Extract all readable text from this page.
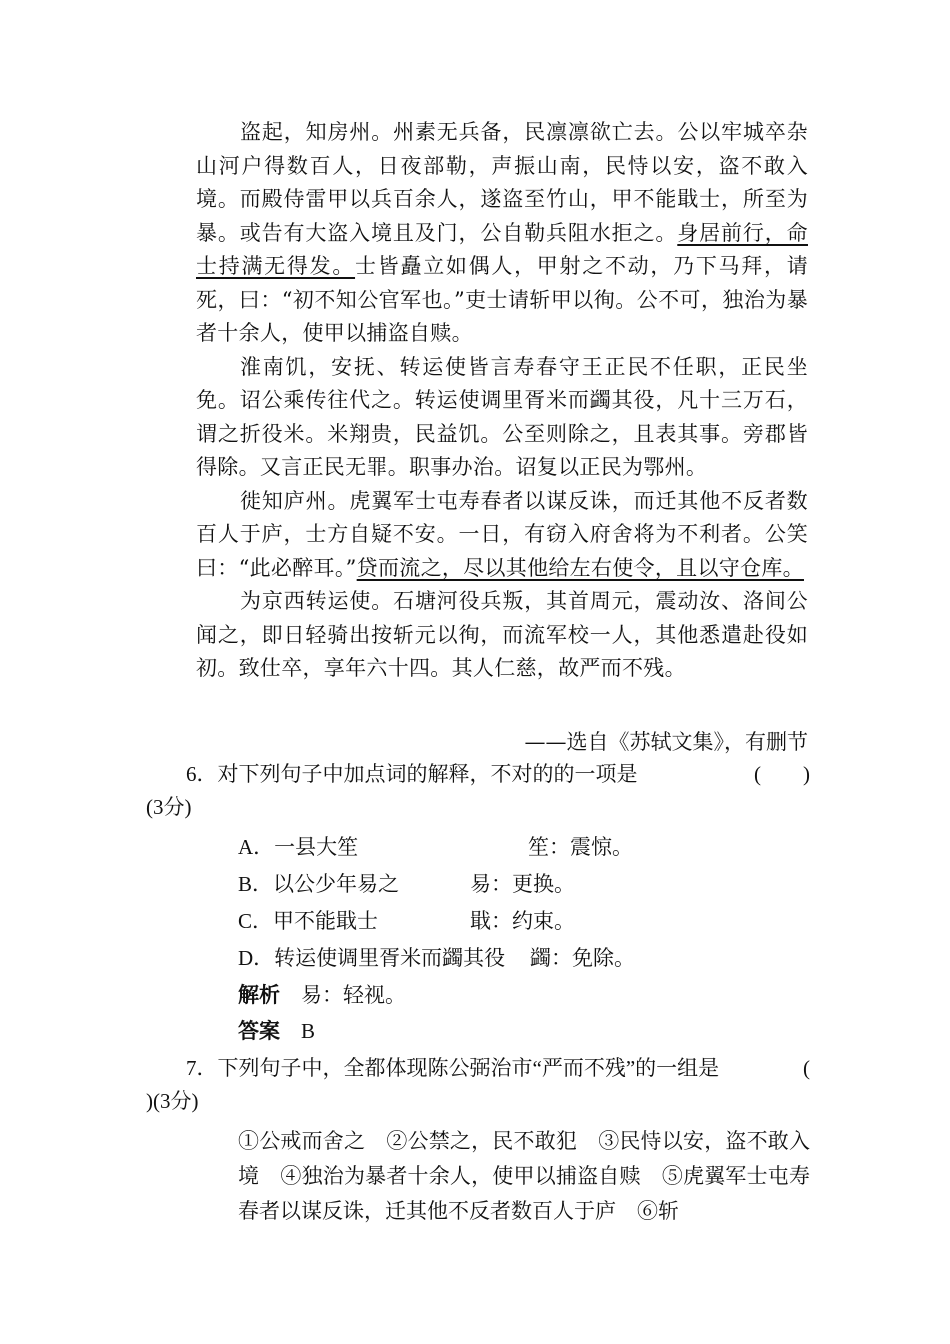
盗起，知房州。州素无兵备，民凛凛欲亡去。公以牢城卒杂山河户得数百人，日夜部勒，声振山南，民恃以安，盗不敢入境。而殿侍雷甲以兵百余人，遂盗至竹山，甲不能戢士，所至为暴。或告有大盗入境且及门，公自勒兵阻水拒之。身居前行，命士持满无得发。士皆矗立如偶人，甲射之不动，乃下马拜，请死，曰：“初不知公官军也。”吏士请斩甲以徇。公不可，独治为暴者十余人，使甲以捕盗自赎。

淮南饥，安抚、转运使皆言寿春守王正民不任职，正民坐免。诏公乘传往代之。转运使调里胥米而蠲其役，凡十三万石，谓之折役米。米翔贵，民益饥。公至则除之，且表其事。旁郡皆得除。又言正民无罪。职事办治。诏复以正民为鄂州。

徙知庐州。虎翼军士屯寿春者以谋反诛，而迁其他不反者数百人于庐，士方自疑不安。一日，有窃入府舍将为不利者。公笑曰：“此必醉耳。”贷而流之，尽以其他给左右使令，且以守仓库。

为京西转运使。石塘河役兵叛，其首周元，震动汝、洛间公闻之，即日轻骑出按斩元以徇，而流军校一人，其他悉遣赴役如初。致仕卒，享年六十四。其人仁慈，故严而不残。

——选自《苏轼文集》，有删节
6．对下列句子中加点词的解释，不对的的一项是	(　　)
(3分)
A．一县大笙	笙：震惊。
B．以公少年易之	易：更换。
C．甲不能戢士	戢：约束。
D．转运使调里胥米而蠲其役 蠲：免除。
解析　 易：轻视。
答案　 B
7．下列句子中，全都体现陈公弼治市“严而不残”的一组是	(
)(3分)
①公戒而舍之　②公禁之，民不敢犯　③民恃以安，盗不敢入境　④独治为暴者十余人，使甲以捕盗自赎　⑤虎翼军士屯寿春者以谋反诛，迁其他不反者数百人于庐　⑥斩
